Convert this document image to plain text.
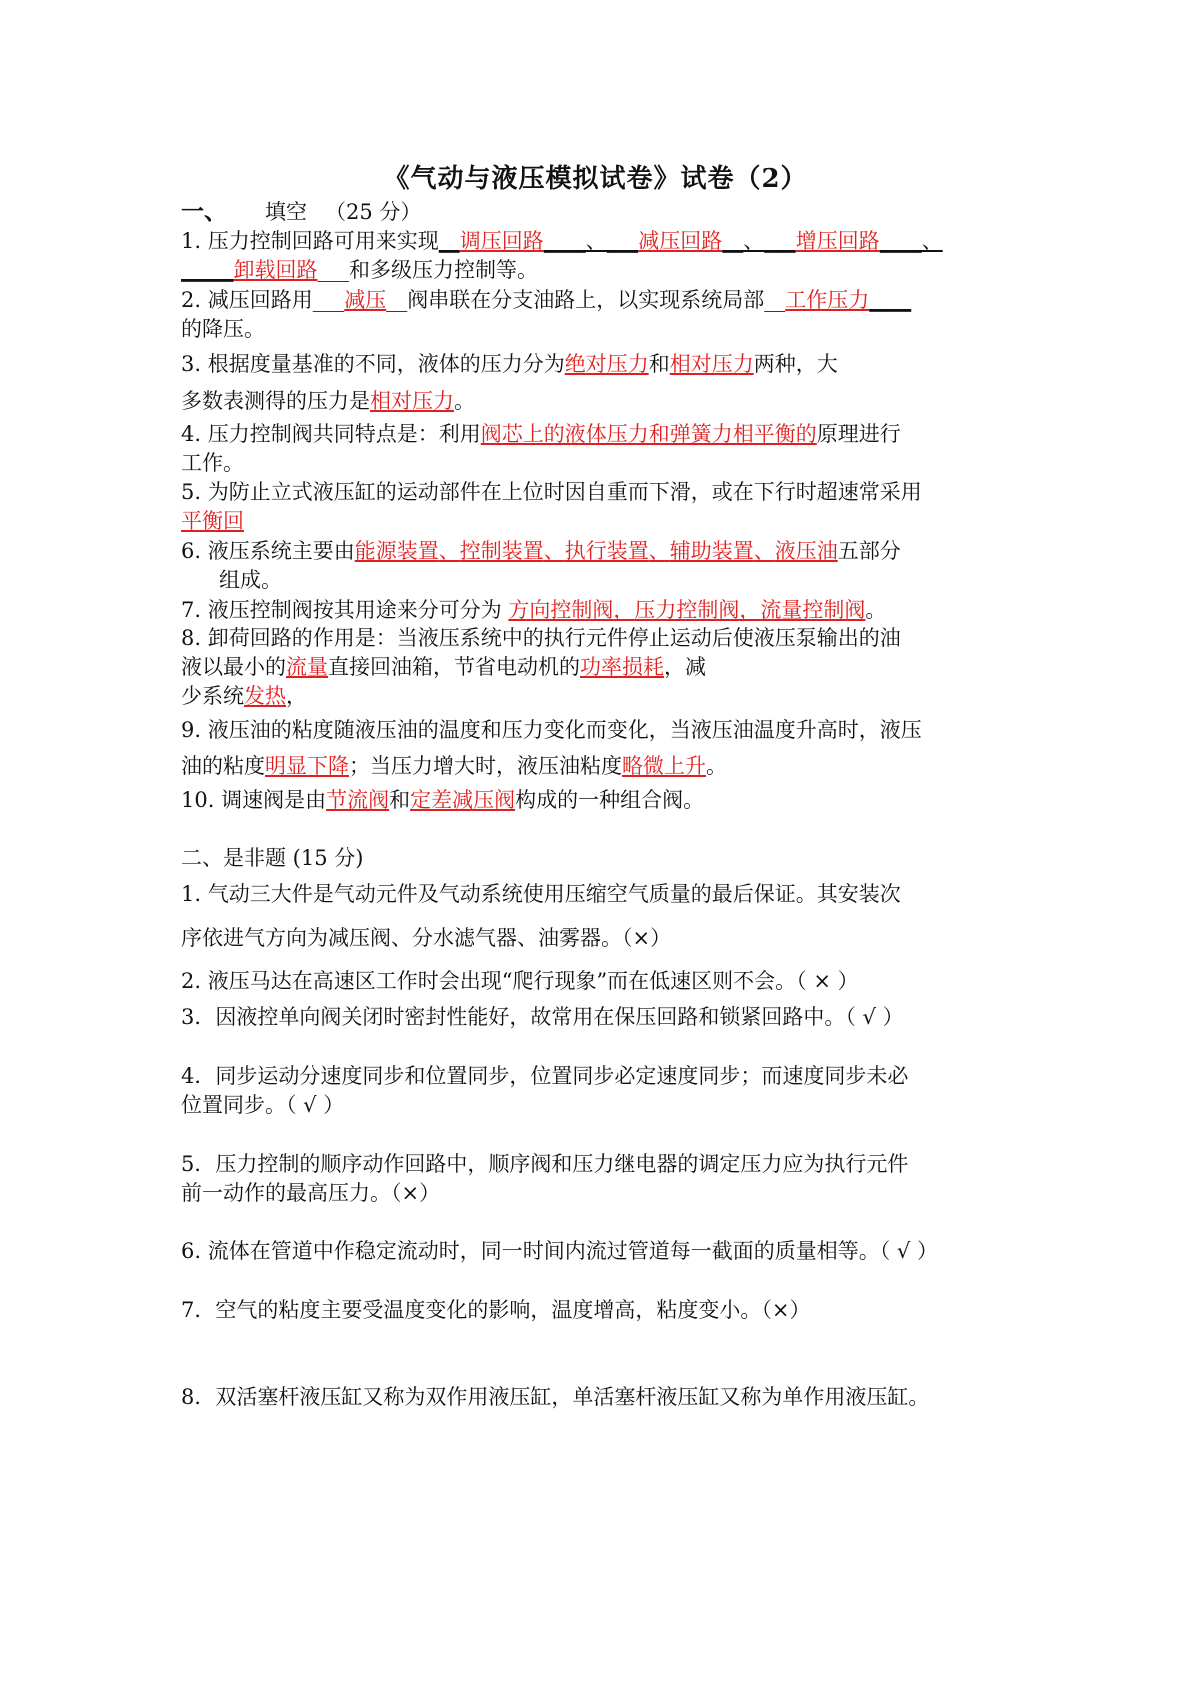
《气动与液压模拟试卷》试卷（2）
一、 填空 （25 分）
1. 压力控制回路可用来实现__调压回路____、___减压回路__、___增压回路____、
_____卸载回路___和多级压力控制等。
2. 减压回路用___减压__阀串联在分支油路上，以实现系统局部__工作压力____
的降压。
3. 根据度量基准的不同，液体的压力分为绝对压力和相对压力两种，大
多数表测得的压力是相对压力。
4. 压力控制阀共同特点是：利用阀芯上的液体压力和弹簧力相平衡的原理进行
工作。
5. 为防止立式液压缸的运动部件在上位时因自重而下滑，或在下行时超速常采用
平衡回
6. 液压系统主要由能源装置、控制装置、执行装置、辅助装置、液压油五部分
组成。
7. 液压控制阀按其用途来分可分为 方向控制阀，压力控制阀，流量控制阀。
8. 卸荷回路的作用是：当液压系统中的执行元件停止运动后使液压泵输出的油
液以最小的流量直接回油箱，节省电动机的功率损耗，减
少系统发热，
9. 液压油的粘度随液压油的温度和压力变化而变化，当液压油温度升高时，液压
油的粘度明显下降；当压力增大时，液压油粘度略微上升。
10. 调速阀是由节流阀和定差减压阀构成的一种组合阀。
二、是非题 (15 分)
1. 气动三大件是气动元件及气动系统使用压缩空气质量的最后保证。其安装次
序依进气方向为减压阀、分水滤气器、油雾器。（×）
2. 液压马达在高速区工作时会出现“爬行现象”而在低速区则不会。（ × ）
3．因液控单向阀关闭时密封性能好，故常用在保压回路和锁紧回路中。（ √ ）
4．同步运动分速度同步和位置同步，位置同步必定速度同步；而速度同步未必
位置同步。（ √ ）
5．压力控制的顺序动作回路中，顺序阀和压力继电器的调定压力应为执行元件
前一动作的最高压力。（×）
6. 流体在管道中作稳定流动时，同一时间内流过管道每一截面的质量相等。（ √ ）
7．空气的粘度主要受温度变化的影响，温度增高，粘度变小。（×）
8．双活塞杆液压缸又称为双作用液压缸，单活塞杆液压缸又称为单作用液压缸。
